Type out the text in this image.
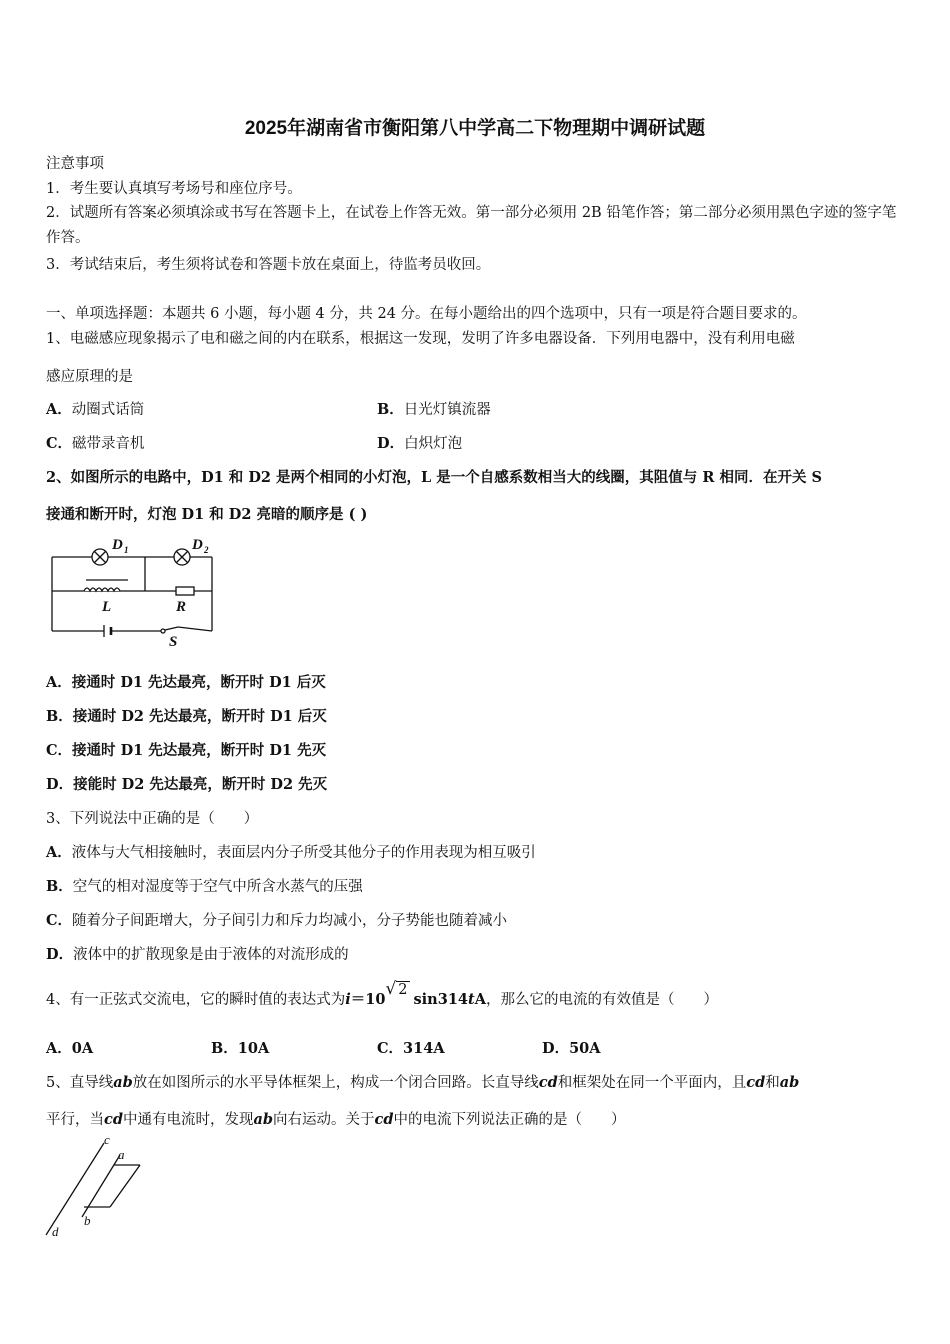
2025年湖南省市衡阳第八中学高二下物理期中调研试题
注意事项
1．考生要认真填写考场号和座位序号。
2．试题所有答案必须填涂或书写在答题卡上，在试卷上作答无效。第一部分必须用 2B 铅笔作答；第二部分必须用黑色字迹的签字笔作答。
3．考试结束后，考生须将试卷和答题卡放在桌面上，待监考员收回。
一、单项选择题：本题共 6 小题，每小题 4 分，共 24 分。在每小题给出的四个选项中，只有一项是符合题目要求的。
1、电磁感应现象揭示了电和磁之间的内在联系，根据这一发现，发明了许多电器设备．下列用电器中，没有利用电磁
感应原理的是
A．动圈式话筒	B．日光灯镇流器
C．磁带录音机	D．白炽灯泡
2、如图所示的电路中，D1 和 D2 是两个相同的小灯泡，L 是一个自感系数相当大的线圈，其阻值与 R 相同．在开关 S
接通和断开时，灯泡 D1 和 D2 亮暗的顺序是 ( )
D 1	D 2
L	R
S
A．接通时 D1 先达最亮，断开时 D1 后灭
B．接通时 D2 先达最亮，断开时 D1 后灭
C．接通时 D1 先达最亮，断开时 D1 先灭
D．接能时 D2 先达最亮，断开时 D2 先灭
3、下列说法中正确的是（　　）
A．液体与大气相接触时，表面层内分子所受其他分子的作用表现为相互吸引
B．空气的相对湿度等于空气中所含水蒸气的压强
C．随着分子间距增大，分子间引力和斥力均减小，分子势能也随着减小
D．液体中的扩散现象是由于液体的对流形成的
4、有一正弦式交流电，它的瞬时值的表达式为i＝10√ 2sin314tA，那么它的电流的有效值是（　　）
A．0A	B．10A	C．314A	D．50A
5、直导线ab放在如图所示的水平导体框架上，构成一个闭合回路。长直导线cd和框架处在同一个平面内，且cd和ab
平行，当cd中通有电流时，发现ab向右运动。关于cd中的电流下列说法正确的是（　　）
c
a
b
d
